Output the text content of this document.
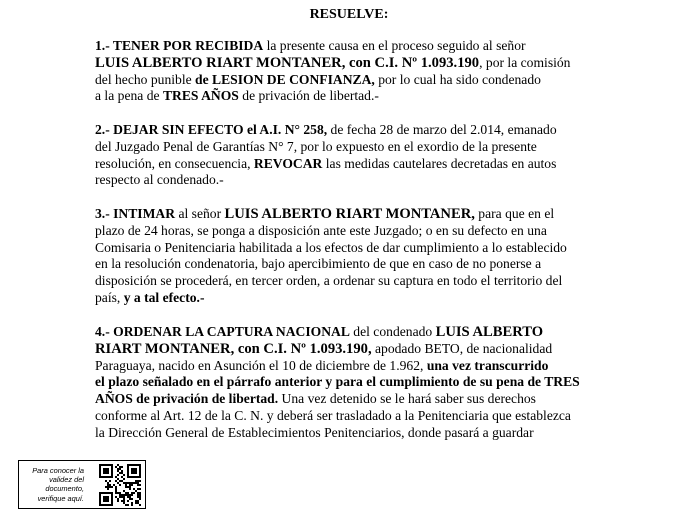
RESUELVE:
1.- TENER POR RECIBIDA la presente causa en el proceso seguido al señor
LUIS ALBERTO RIART MONTANER, con C.I. Nº 1.093.190, por la comisión
del hecho punible de LESION DE CONFIANZA, por lo cual ha sido condenado
a la pena de TRES AÑOS de privación de libertad.-
2.- DEJAR SIN EFECTO el A.I. N° 258, de fecha 28 de marzo del 2.014, emanado
del Juzgado Penal de Garantías N° 7, por lo expuesto en el exordio de la presente
resolución, en consecuencia, REVOCAR las medidas cautelares decretadas en autos
respecto al condenado.-
3.- INTIMAR al señor LUIS ALBERTO RIART MONTANER, para que en el
plazo de 24 horas, se ponga a disposición ante este Juzgado; o en su defecto en una
Comisaria o Penitenciaria habilitada a los efectos de dar cumplimiento a lo establecido
en la resolución condenatoria, bajo apercibimiento de que en caso de no ponerse a
disposición se procederá, en tercer orden, a ordenar su captura en todo el territorio del
país, y a tal efecto.-
4.- ORDENAR LA CAPTURA NACIONAL del condenado LUIS ALBERTO
RIART MONTANER, con C.I. Nº 1.093.190, apodado BETO, de nacionalidad
Paraguaya, nacido en Asunción el 10 de diciembre de 1.962, una vez transcurrido
el plazo señalado en el párrafo anterior y para el cumplimiento de su pena de TRES
AÑOS de privación de libertad. Una vez detenido se le hará saber sus derechos
conforme al Art. 12 de la C. N. y deberá ser trasladado a la Penitenciaria que establezca
la Dirección General de Establecimientos Penitenciarios, donde pasará a guardar
Para conocer la
validez del
documento,
verifique aquí.
